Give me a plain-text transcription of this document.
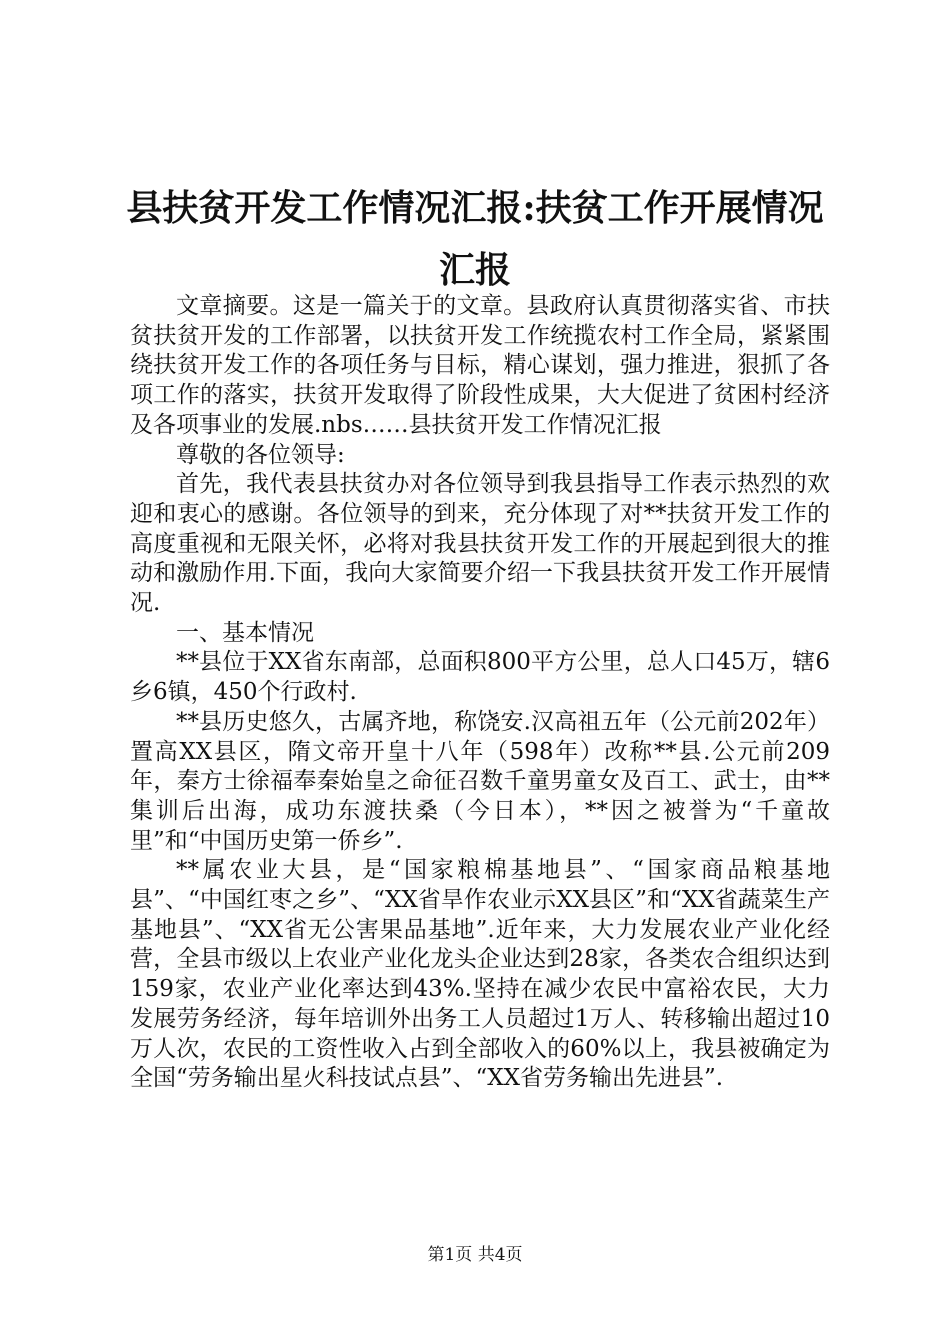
县扶贫开发工作情况汇报:扶贫工作开展情况
汇报

文章摘要。这是一篇关于的文章。县政府认真贯彻落实省、市扶贫扶贫开发的工作部署，以扶贫开发工作统揽农村工作全局，紧紧围绕扶贫开发工作的各项任务与目标，精心谋划，强力推进，狠抓了各项工作的落实，扶贫开发取得了阶段性成果，大大促进了贫困村经济及各项事业的发展.nbs……县扶贫开发工作情况汇报

尊敬的各位领导:

首先，我代表县扶贫办对各位领导到我县指导工作表示热烈的欢迎和衷心的感谢。各位领导的到来，充分体现了对**扶贫开发工作的高度重视和无限关怀，必将对我县扶贫开发工作的开展起到很大的推动和激励作用.下面，我向大家简要介绍一下我县扶贫开发工作开展情况.

一、基本情况

**县位于XX省东南部，总面积800平方公里，总人口45万，辖6乡6镇，450个行政村.

**县历史悠久，古属齐地，称饶安.汉高祖五年（公元前202年）置高XX县区，隋文帝开皇十八年（598年）改称**县.公元前209年，秦方士徐福奉秦始皇之命征召数千童男童女及百工、武士，由**集训后出海，成功东渡扶桑（今日本），**因之被誉为“千童故里”和“中国历史第一侨乡”.

**属农业大县，是“国家粮棉基地县”、“国家商品粮基地县”、“中国红枣之乡”、“XX省旱作农业示XX县区”和“XX省蔬菜生产基地县”、“XX省无公害果品基地”.近年来，大力发展农业产业化经营，全县市级以上农业产业化龙头企业达到28家，各类农合组织达到159家，农业产业化率达到43%.坚持在减少农民中富裕农民，大力发展劳务经济，每年培训外出务工人员超过1万人、转移输出超过10万人次，农民的工资性收入占到全部收入的60%以上，我县被确定为全国“劳务输出星火科技试点县”、“XX省劳务输出先进县”.

第1页 共4页
